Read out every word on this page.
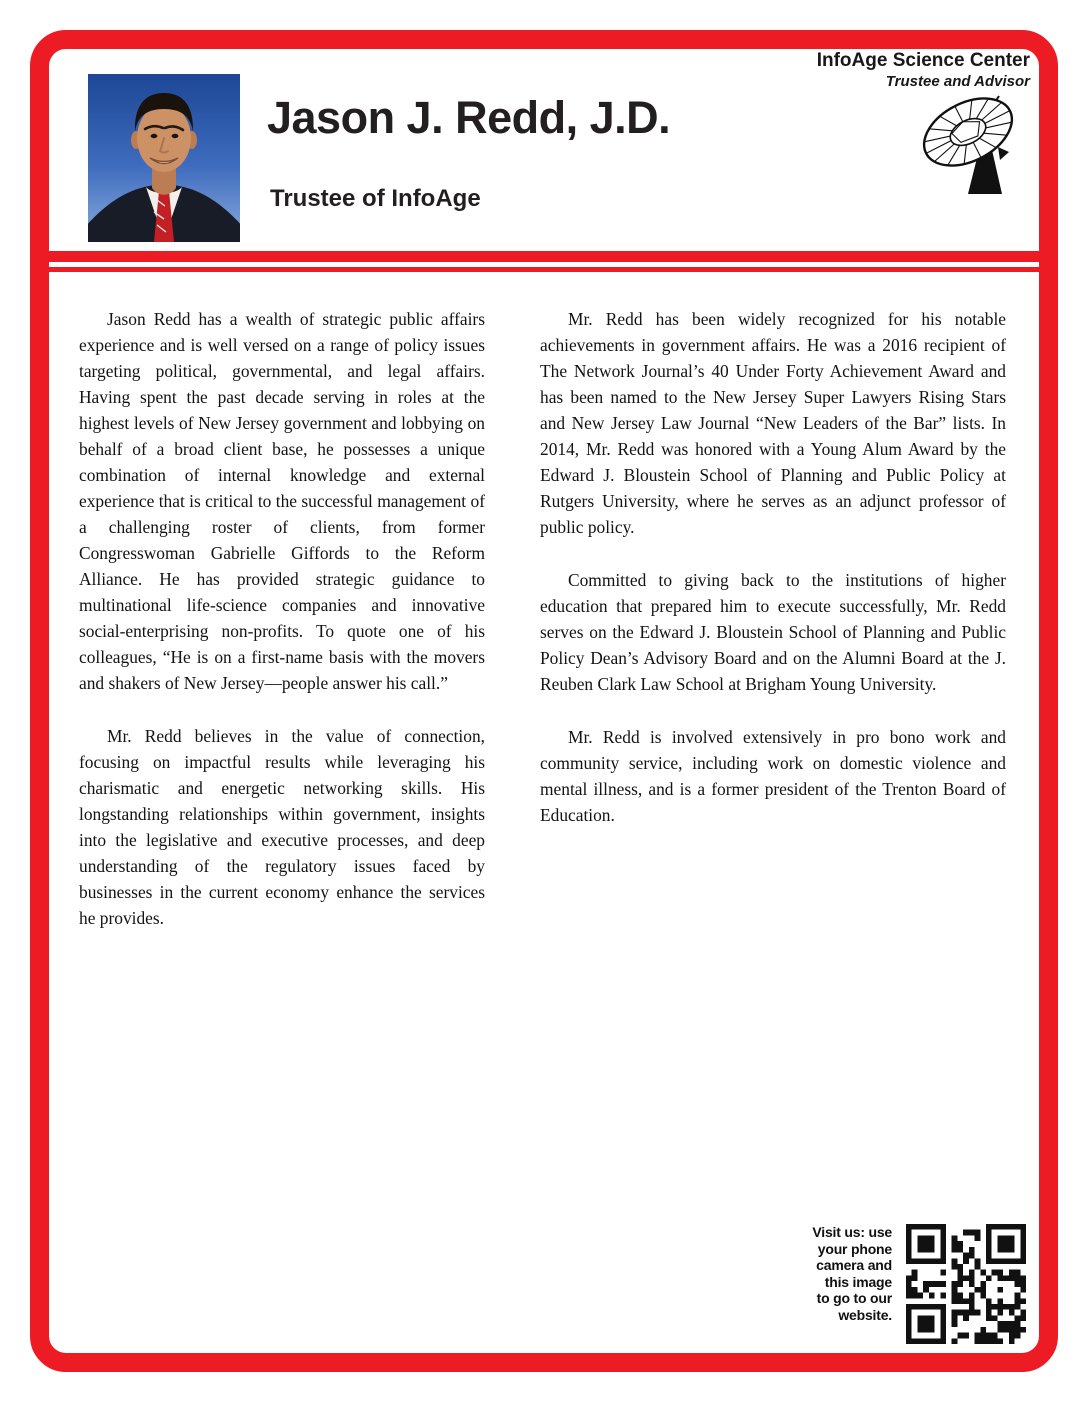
Jason J. Redd, J.D.
Trustee of InfoAge
InfoAge Science Center
Trustee and Advisor

Jason Redd has a wealth of strategic public affairs experience and is well versed on a range of policy issues targeting political, governmental, and legal affairs. Having spent the past decade serving in roles at the highest levels of New Jersey government and lobbying on behalf of a broad client base, he possesses a unique combination of internal knowledge and external experience that is critical to the successful management of a challenging roster of clients, from former Congresswoman Gabrielle Giffords to the Reform Alliance. He has provided strategic guidance to multinational life-science companies and innovative social-enterprising non-profits. To quote one of his colleagues, “He is on a first-name basis with the movers and shakers of New Jersey—people answer his call.”

Mr. Redd believes in the value of connection, focusing on impactful results while leveraging his charismatic and energetic networking skills. His longstanding relationships within government, insights into the legislative and executive processes, and deep understanding of the regulatory issues faced by businesses in the current economy enhance the services he provides.

Mr. Redd has been widely recognized for his notable achievements in government affairs. He was a 2016 recipient of The Network Journal’s 40 Under Forty Achievement Award and has been named to the New Jersey Super Lawyers Rising Stars and New Jersey Law Journal “New Leaders of the Bar” lists. In 2014, Mr. Redd was honored with a Young Alum Award by the Edward J. Bloustein School of Planning and Public Policy at Rutgers University, where he serves as an adjunct professor of public policy.

Committed to giving back to the institutions of higher education that prepared him to execute successfully, Mr. Redd serves on the Edward J. Bloustein School of Planning and Public Policy Dean’s Advisory Board and on the Alumni Board at the J. Reuben Clark Law School at Brigham Young University.

Mr. Redd is involved extensively in pro bono work and community service, including work on domestic violence and mental illness, and is a former president of the Trenton Board of Education.

Visit us: use
your phone
camera and
this image
to go to our
website.
